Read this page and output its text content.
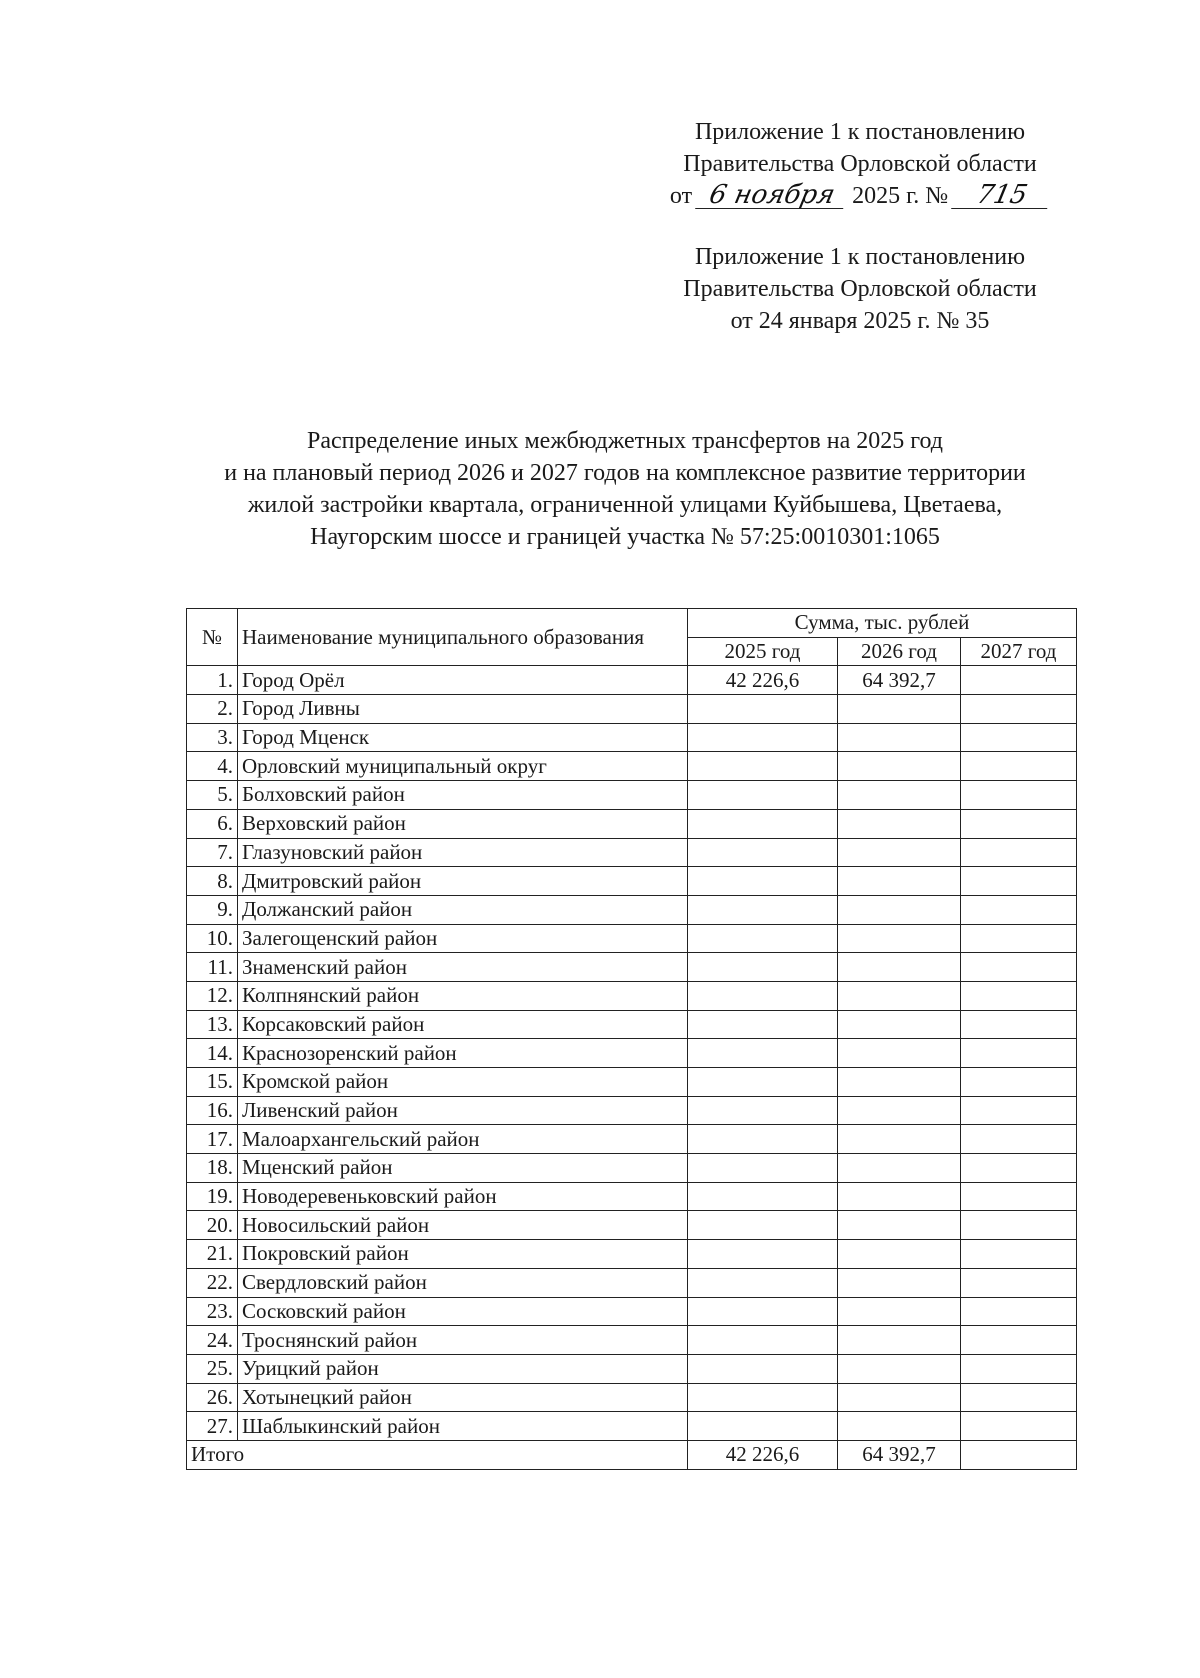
Приложение 1 к постановлению
Правительства Орловской области
от 6 ноября 2025 г. № 715
Приложение 1 к постановлению
Правительства Орловской области
от 24 января 2025 г. № 35
Распределение иных межбюджетных трансфертов на 2025 год
и на плановый период 2026 и 2027 годов на комплексное развитие территории
жилой застройки квартала, ограниченной улицами Куйбышева, Цветаева,
Наугорским шоссе и границей участка № 57:25:0010301:1065
№	Наименование муниципального образования	Сумма, тыс. рублей		
		2025 год	2026 год	2027 год
1.	Город Орёл	42 226,6	64 392,7	
2.	Город Ливны			
3.	Город Мценск			
4.	Орловский муниципальный округ			
5.	Болховский район			
6.	Верховский район			
7.	Глазуновский район			
8.	Дмитровский район			
9.	Должанский район			
10.	Залегощенский район			
11.	Знаменский район			
12.	Колпнянский район			
13.	Корсаковский район			
14.	Краснозоренский район			
15.	Кромской район			
16.	Ливенский район			
17.	Малоархангельский район			
18.	Мценский район			
19.	Новодеревеньковский район			
20.	Новосильский район			
21.	Покровский район			
22.	Свердловский район			
23.	Сосковский район			
24.	Троснянский район			
25.	Урицкий район			
26.	Хотынецкий район			
27.	Шаблыкинский район			
Итого		42 226,6	64 392,7	
